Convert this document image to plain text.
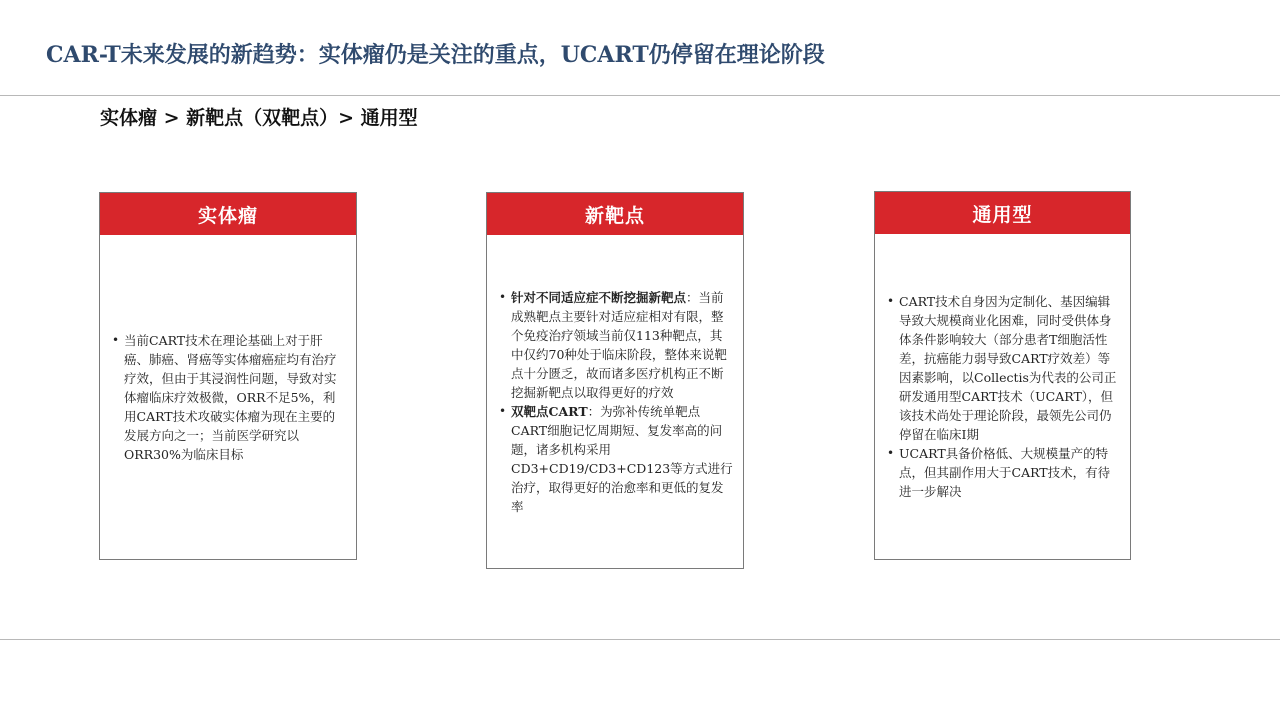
CAR-T未来发展的新趋势：实体瘤仍是关注的重点，UCART仍停留在理论阶段
实体瘤 > 新靶点（双靶点）> 通用型
实体瘤
• 当前CART技术在理论基础上对于肝癌、肺癌、肾癌等实体瘤癌症均有治疗疗效，但由于其浸润性问题，导致对实体瘤临床疗效极微，ORR不足5%，利用CART技术攻破实体瘤为现在主要的发展方向之一；当前医学研究以ORR30%为临床目标
新靶点
• 针对不同适应症不断挖掘新靶点：当前成熟靶点主要针对适应症相对有限，整个免疫治疗领域当前仅113种靶点，其中仅约70种处于临床阶段，整体来说靶点十分匮乏，故而诸多医疗机构正不断挖掘新靶点以取得更好的疗效
• 双靶点CART：为弥补传统单靶点CART细胞记忆周期短、复发率高的问题，诸多机构采用CD3+CD19/CD3+CD123等方式进行治疗，取得更好的治愈率和更低的复发率
通用型
• CART技术自身因为定制化、基因编辑导致大规模商业化困难，同时受供体身体条件影响较大（部分患者T细胞活性差，抗癌能力弱导致CART疗效差）等因素影响，以Collectis为代表的公司正研发通用型CART技术（UCART），但该技术尚处于理论阶段，最领先公司仍停留在临床I期
• UCART具备价格低、大规模量产的特点，但其副作用大于CART技术，有待进一步解决
